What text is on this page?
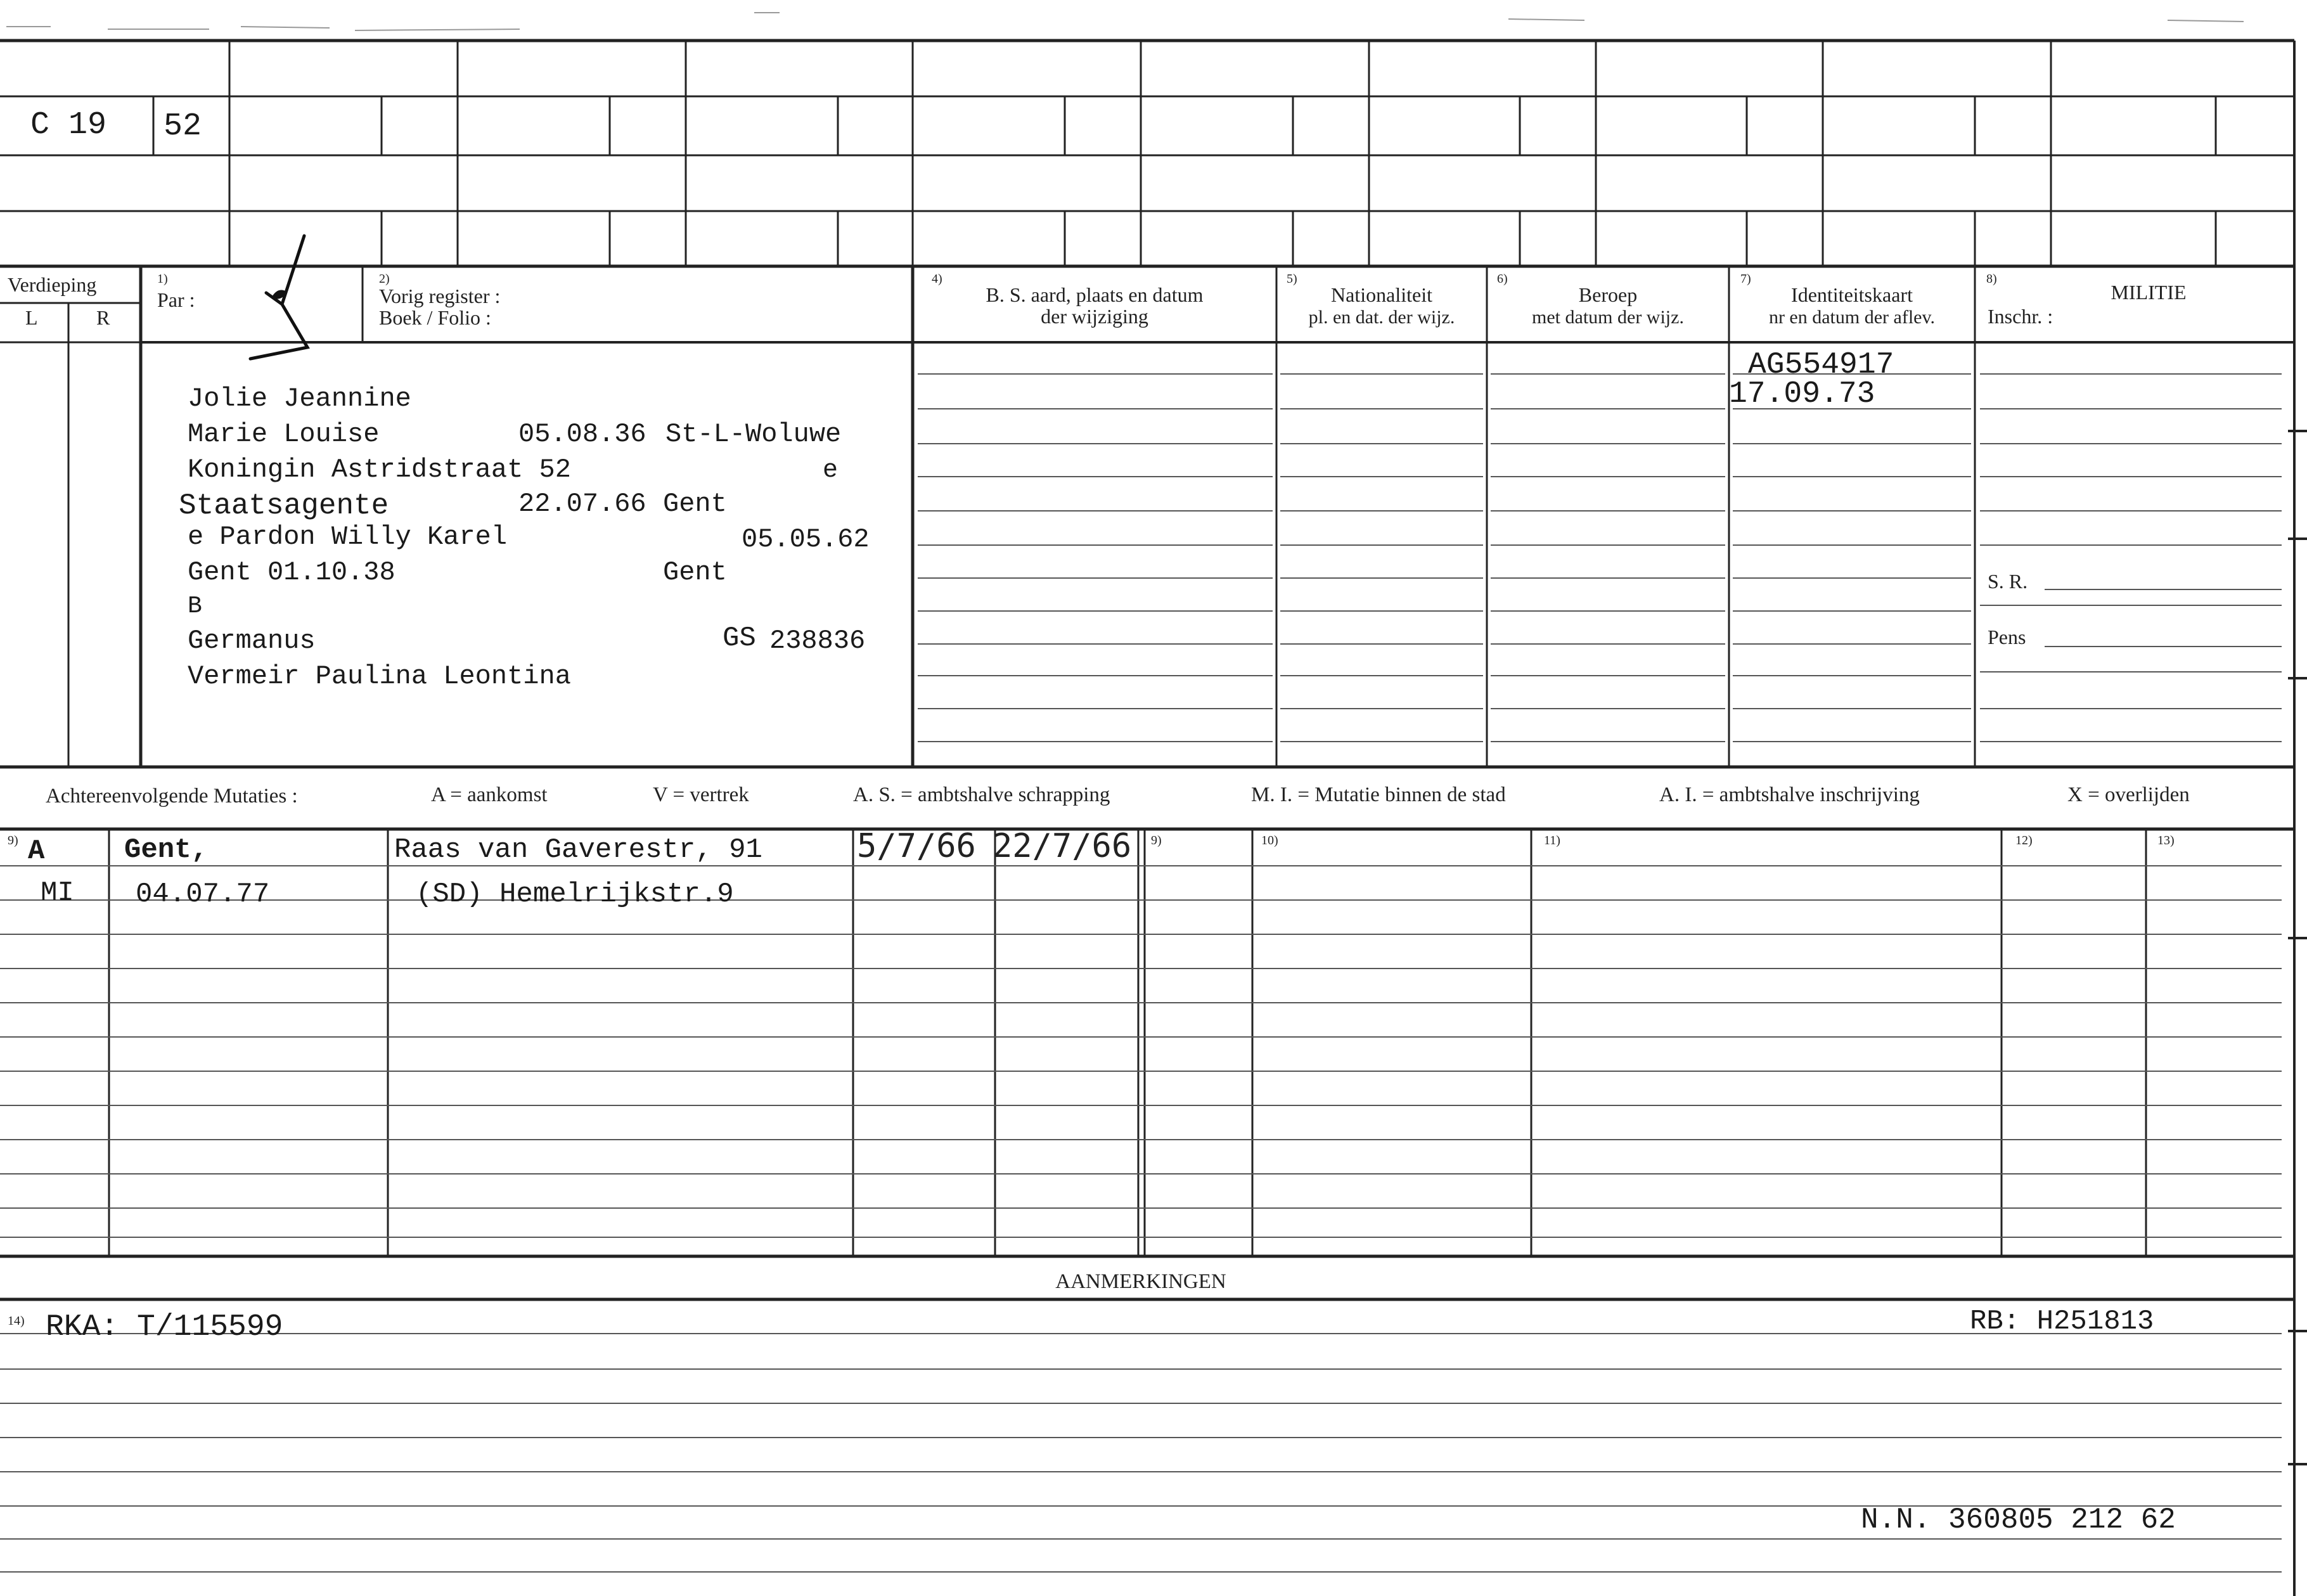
C 19 52
Verdieping
L	R
1)
Par :
2)
Vorig register :
Boek / Folio :
4)
B. S. aard, plaats en datum
der wijziging
5)
Nationaliteit
pl. en dat. der wijz.
6)
Beroep
met datum der wijz.
7)
Identiteitskaart
nr en datum der aflev.
8)
MILITIE
Inschr. :
S. R.
Pens
Jolie Jeannine
Marie Louise	05.08.36 St-L-Woluwe
Koningin Astridstraat 52	e
Staatsagente	22.07.66 Gent
e Pardon Willy Karel	05.05.62
Gent 01.10.38	Gent
B
Germanus	GS 238836
Vermeir Paulina Leontina
AG554917
17.09.73
Achtereenvolgende Mutaties :	A = aankomst	V = vertrek	A. S. = ambtshalve schrapping	M. I. = Mutatie binnen de stad	A. I. = ambtshalve inschrijving	X = overlijden
9)	9)	10)	11)	12)	13)
A	Gent,	Raas van Gaverestr, 91	5/7/66 22/7/66
MI 04.07.77	(SD) Hemelrijkstr.9
AANMERKINGEN
14) RKA: T/115599	RB: H251813
N.N. 360805 212 62
